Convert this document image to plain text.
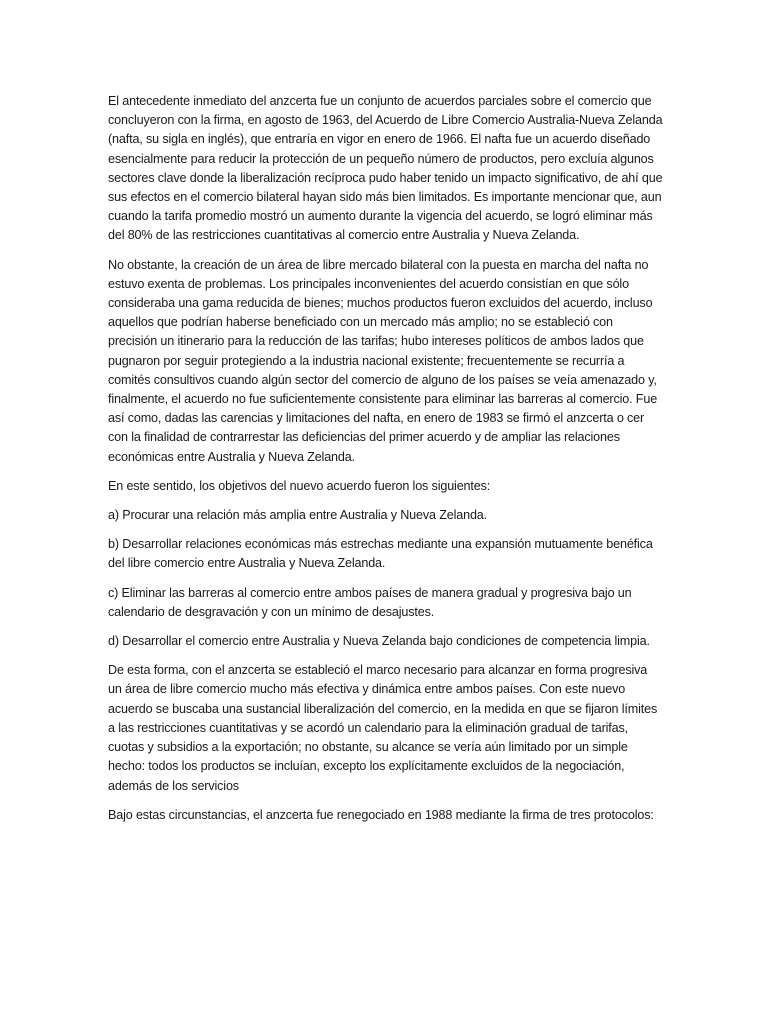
El antecedente inmediato del anzcerta fue un conjunto de acuerdos parciales sobre el comercio que concluyeron con la firma, en agosto de 1963, del Acuerdo de Libre Comercio Australia-Nueva Zelanda (nafta, su sigla en inglés), que entraría en vigor en enero de 1966. El nafta fue un acuerdo diseñado esencialmente para reducir la protección de un pequeño número de productos, pero excluía algunos sectores clave donde la liberalización recíproca pudo haber tenido un impacto significativo, de ahí que sus efectos en el comercio bilateral hayan sido más bien limitados. Es importante mencionar que, aun cuando la tarifa promedio mostró un aumento durante la vigencia del acuerdo, se logró eliminar más del 80% de las restricciones cuantitativas al comercio entre Australia y Nueva Zelanda.

No obstante, la creación de un área de libre mercado bilateral con la puesta en marcha del nafta no estuvo exenta de problemas. Los principales inconvenientes del acuerdo consistían en que sólo consideraba una gama reducida de bienes; muchos productos fueron excluidos del acuerdo, incluso aquellos que podrían haberse beneficiado con un mercado más amplio; no se estableció con precisión un itinerario para la reducción de las tarifas; hubo intereses políticos de ambos lados que pugnaron por seguir protegiendo a la industria nacional existente; frecuentemente se recurría a comités consultivos cuando algún sector del comercio de alguno de los países se veía amenazado y, finalmente, el acuerdo no fue suficientemente consistente para eliminar las barreras al comercio. Fue así como, dadas las carencias y limitaciones del nafta, en enero de 1983 se firmó el anzcerta o cer con la finalidad de contrarrestar las deficiencias del primer acuerdo y de ampliar las relaciones económicas entre Australia y Nueva Zelanda.

En este sentido, los objetivos del nuevo acuerdo fueron los siguientes:

a) Procurar una relación más amplia entre Australia y Nueva Zelanda.

b) Desarrollar relaciones económicas más estrechas mediante una expansión mutuamente benéfica del libre comercio entre Australia y Nueva Zelanda.

c) Eliminar las barreras al comercio entre ambos países de manera gradual y progresiva bajo un calendario de desgravación y con un mínimo de desajustes.

d) Desarrollar el comercio entre Australia y Nueva Zelanda bajo condiciones de competencia limpia.

De esta forma, con el anzcerta se estableció el marco necesario para alcanzar en forma progresiva un área de libre comercio mucho más efectiva y dinámica entre ambos países. Con este nuevo acuerdo se buscaba una sustancial liberalización del comercio, en la medida en que se fijaron límites a las restricciones cuantitativas y se acordó un calendario para la eliminación gradual de tarifas, cuotas y subsidios a la exportación; no obstante, su alcance se vería aún limitado por un simple hecho: todos los productos se incluían, excepto los explícitamente excluidos de la negociación, además de los servicios

Bajo estas circunstancias, el anzcerta fue renegociado en 1988 mediante la firma de tres protocolos:
